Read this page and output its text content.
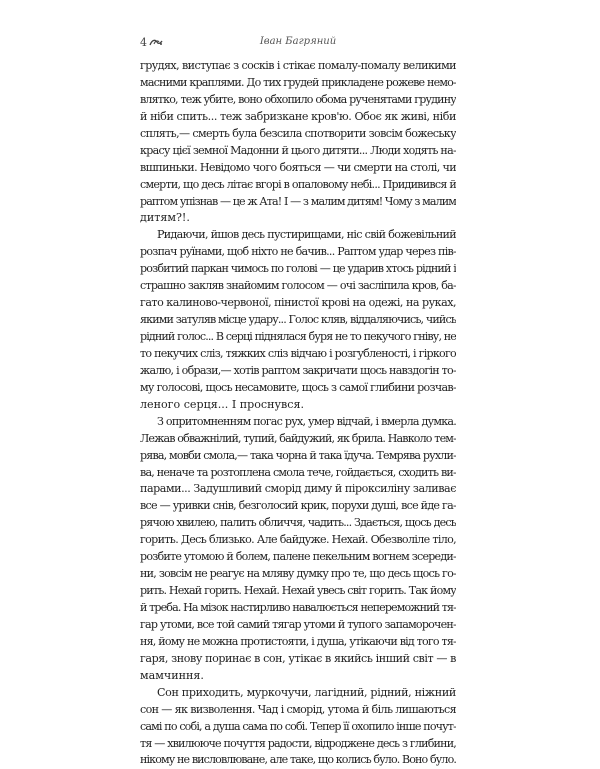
4	Іван Багряний
грудях, виступає з сосків і стікає помалу-помалу великими
масними краплями. До тих грудей прикладене рожеве немо-
влятко, теж убите, воно обхопило обома рученятами грудину
й ніби спить... теж забризкане кров'ю. Обоє як живі, ніби
сплять,— смерть була безсила спотворити зовсім божеську
красу цієї земної Мадонни й цього дитяти... Люди ходять на-
вшпиньки. Невідомо чого бояться — чи смерти на столі, чи
смерти, що десь літає вгорі в опаловому небі... Придивився й
раптом упізнав — це ж Ата! І — з малим дитям! Чому з малим
дитям?!.
Ридаючи, йшов десь пустирищами, ніс свій божевільний
розпач руїнами, щоб ніхто не бачив... Раптом удар через пів-
розбитий паркан чимось по голові — це ударив хтось рідний і
страшно закляв знайомим голосом — очі засліпила кров, ба-
гато калиново-червоної, пінистої крові на одежі, на руках,
якими затуляв місце удару... Голос кляв, віддаляючись, чийсь
рідний голос... В серці піднялася буря не то пекучого гніву, не
то пекучих сліз, тяжких сліз відчаю і розгубленості, і гіркого
жалю, і образи,— хотів раптом закричати щось навздогін то-
му голосові, щось несамовите, щось з самої глибини розчав-
леного серця... І проснувся.
З опритомненням погас рух, умер відчай, і вмерла думка.
Лежав обважнілий, тупий, байдужий, як брила. Навколо тем-
рява, мовби смола,— така чорна й така їдуча. Темрява рухли-
ва, неначе та розтоплена смола тече, гойдається, сходить ви-
парами... Задушливий сморід диму й піроксиліну заливає
все — уривки снів, безголосий крик, порухи душі, все йде га-
рячою хвилею, палить обличчя, чадить... Здається, щось десь
горить. Десь близько. Але байдуже. Нехай. Обезволіле тіло,
розбите утомою й болем, палене пекельним вогнем зсереди-
ни, зовсім не реагує на мляву думку про те, що десь щось го-
рить. Нехай горить. Нехай. Нехай увесь світ горить. Так йому
й треба. На мізок настирливо навалюється непереможний тя-
гар утоми, все той самий тягар утоми й тупого запаморочен-
ня, йому не можна протистояти, і душа, утікаючи від того тя-
гаря, знову поринає в сон, утікає в якийсь інший світ — в
мамчиння.
Сон приходить, муркочучи, лагідний, рідний, ніжний
сон — як визволення. Чад і сморід, утома й біль лишаються
самі по собі, а душа сама по собі. Тепер її охопило інше почут-
тя — хвилююче почуття радости, відроджене десь з глибини,
нікому не висловлюване, але таке, що колись було. Воно було.
